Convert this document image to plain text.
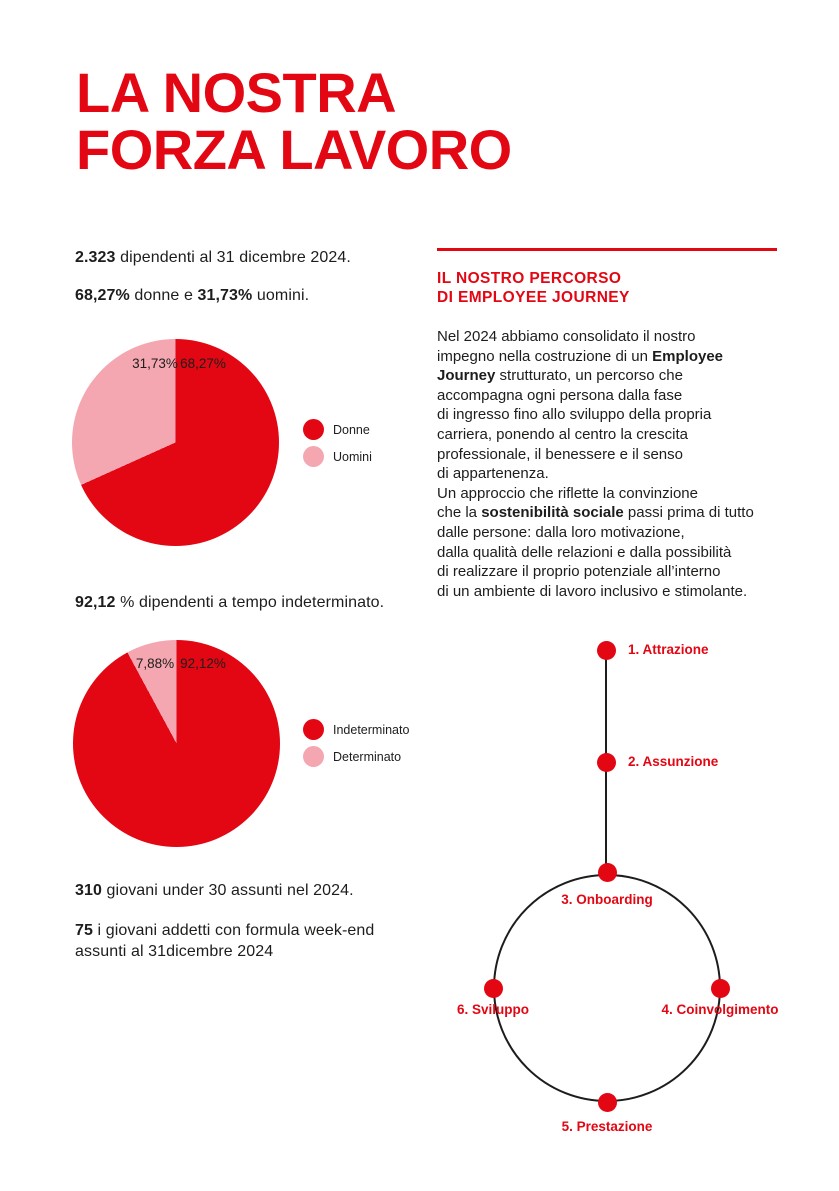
LA NOSTRA
FORZA LAVORO
2.323 dipendenti al 31 dicembre 2024.
68,27% donne e 31,73% uomini.
31,73% 68,27%
Donne
Uomini
92,12 % dipendenti a tempo indeterminato.
7,88% 92,12%
Indeterminato
Determinato
310 giovani under 30 assunti nel 2024.
75 i giovani addetti con formula week-end
assunti al 31dicembre 2024
IL NOSTRO PERCORSO
DI EMPLOYEE JOURNEY
Nel 2024 abbiamo consolidato il nostro
impegno nella costruzione di un Employee
Journey strutturato, un percorso che
accompagna ogni persona dalla fase
di ingresso fino allo sviluppo della propria
carriera, ponendo al centro la crescita
professionale, il benessere e il senso
di appartenenza.
Un approccio che riflette la convinzione
che la sostenibilità sociale passi prima di tutto
dalle persone: dalla loro motivazione,
dalla qualità delle relazioni e dalla possibilità
di realizzare il proprio potenziale all’interno
di un ambiente di lavoro inclusivo e stimolante.
1. Attrazione
2. Assunzione
3. Onboarding
4. Coinvolgimento
5. Prestazione
6. Sviluppo
